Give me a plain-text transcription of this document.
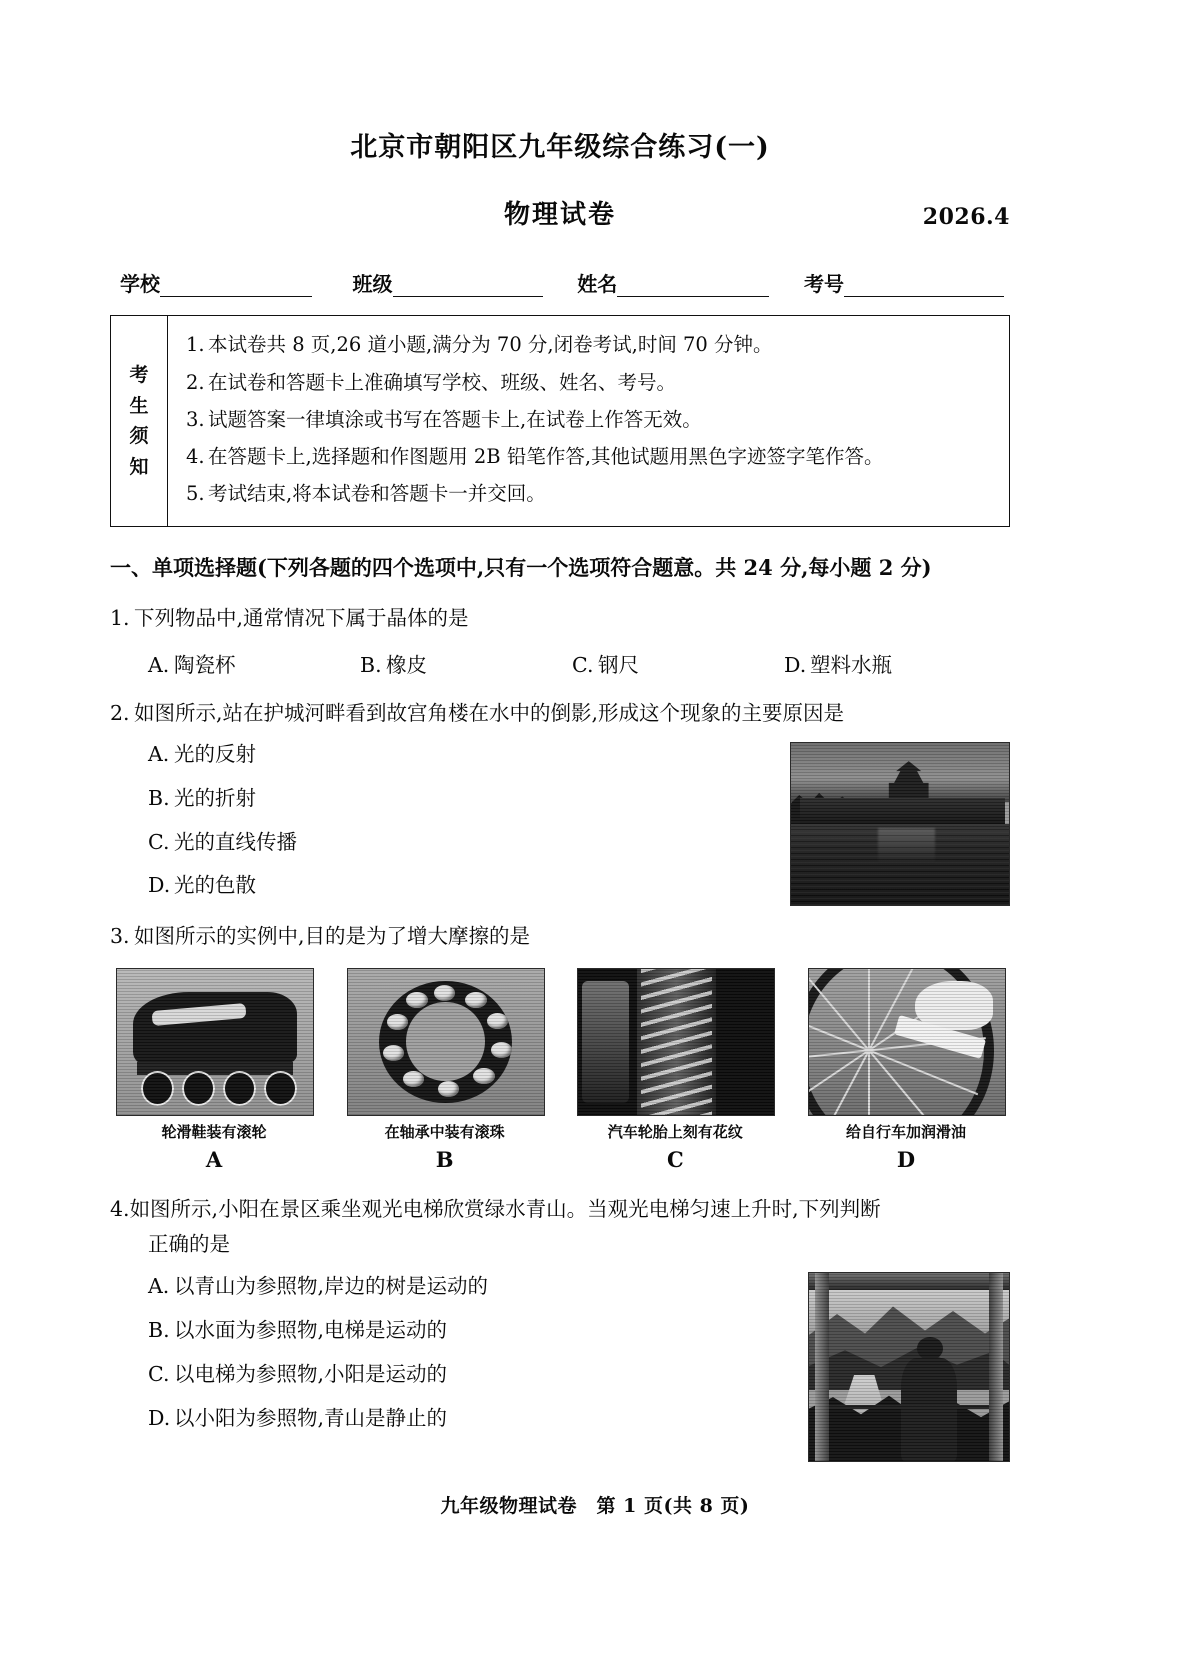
北京市朝阳区九年级综合练习(一)
物理试卷	2026.4
学校	班级	姓名	考号
考
生
须
知
1. 本试卷共 8 页,26 道小题,满分为 70 分,闭卷考试,时间 70 分钟。
2. 在试卷和答题卡上准确填写学校、班级、姓名、考号。
3. 试题答案一律填涂或书写在答题卡上,在试卷上作答无效。
4. 在答题卡上,选择题和作图题用 2B 铅笔作答,其他试题用黑色字迹签字笔作答。
5. 考试结束,将本试卷和答题卡一并交回。
一、单项选择题(下列各题的四个选项中,只有一个选项符合题意。共 24 分,每小题 2 分)
1. 下列物品中,通常情况下属于晶体的是
A. 陶瓷杯	B. 橡皮	C. 钢尺	D. 塑料水瓶
2. 如图所示,站在护城河畔看到故宫角楼在水中的倒影,形成这个现象的主要原因是
A. 光的反射
B. 光的折射
C. 光的直线传播
D. 光的色散
3. 如图所示的实例中,目的是为了增大摩擦的是
轮滑鞋装有滚轮
A
在轴承中装有滚珠
B
汽车轮胎上刻有花纹
C
给自行车加润滑油
D
4.如图所示,小阳在景区乘坐观光电梯欣赏绿水青山。当观光电梯匀速上升时,下列判断
正确的是
A. 以青山为参照物,岸边的树是运动的
B. 以水面为参照物,电梯是运动的
C. 以电梯为参照物,小阳是运动的
D. 以小阳为参照物,青山是静止的
九年级物理试卷　第 1 页(共 8 页)
